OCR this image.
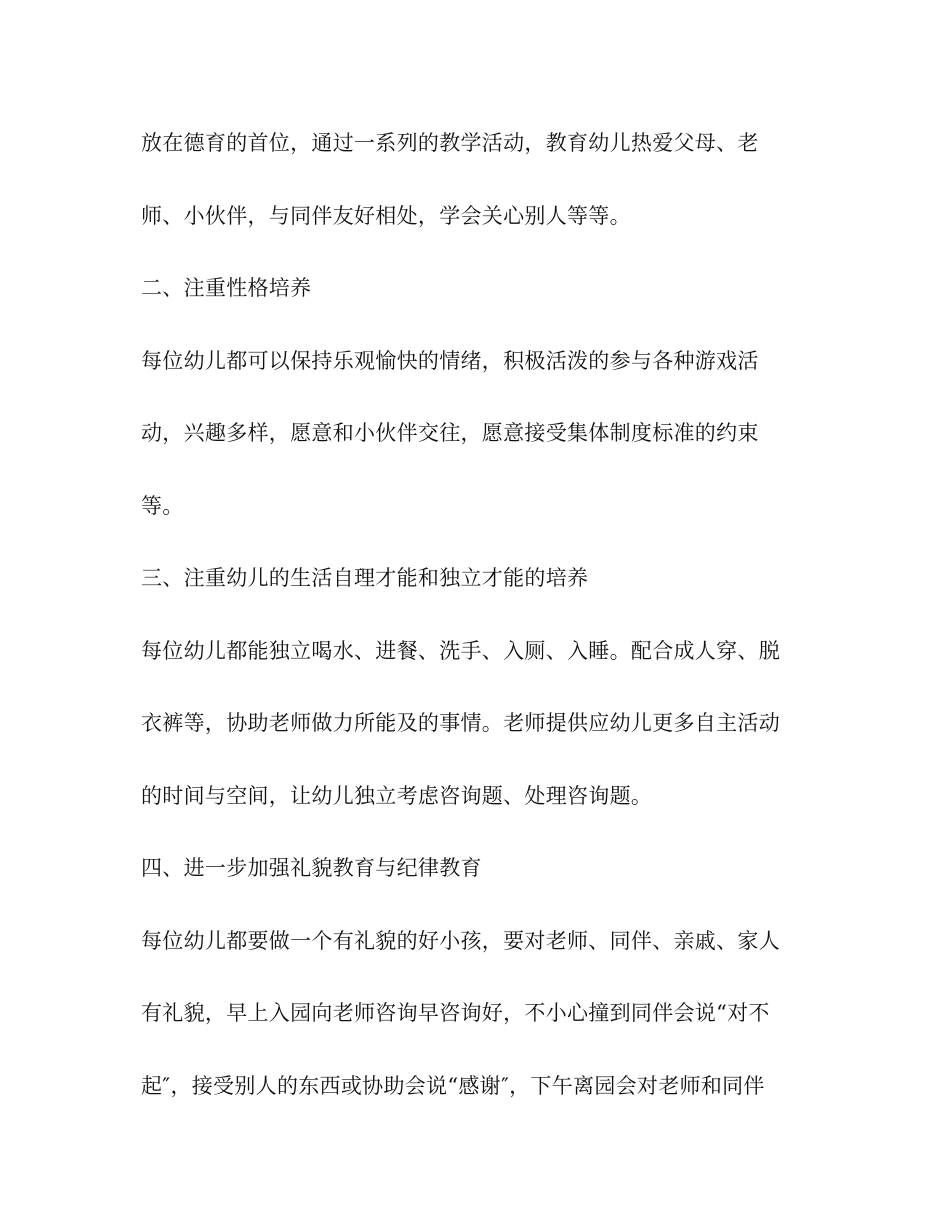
放在德育的首位，通过一系列的教学活动，教育幼儿热爱父母、老
师、小伙伴，与同伴友好相处，学会关心别人等等。
二、注重性格培养
每位幼儿都可以保持乐观愉快的情绪，积极活泼的参与各种游戏活
动，兴趣多样，愿意和小伙伴交往，愿意接受集体制度标准的约束
等。
三、注重幼儿的生活自理才能和独立才能的培养
每位幼儿都能独立喝水、进餐、洗手、入厕、入睡。配合成人穿、脱
衣裤等，协助老师做力所能及的事情。老师提供应幼儿更多自主活动
的时间与空间，让幼儿独立考虑咨询题、处理咨询题。
四、进一步加强礼貌教育与纪律教育
每位幼儿都要做一个有礼貌的好小孩，要对老师、同伴、亲戚、家人
有礼貌，早上入园向老师咨询早咨询好，不小心撞到同伴会说“对不
起″，接受别人的东西或协助会说“感谢″，下午离园会对老师和同伴
